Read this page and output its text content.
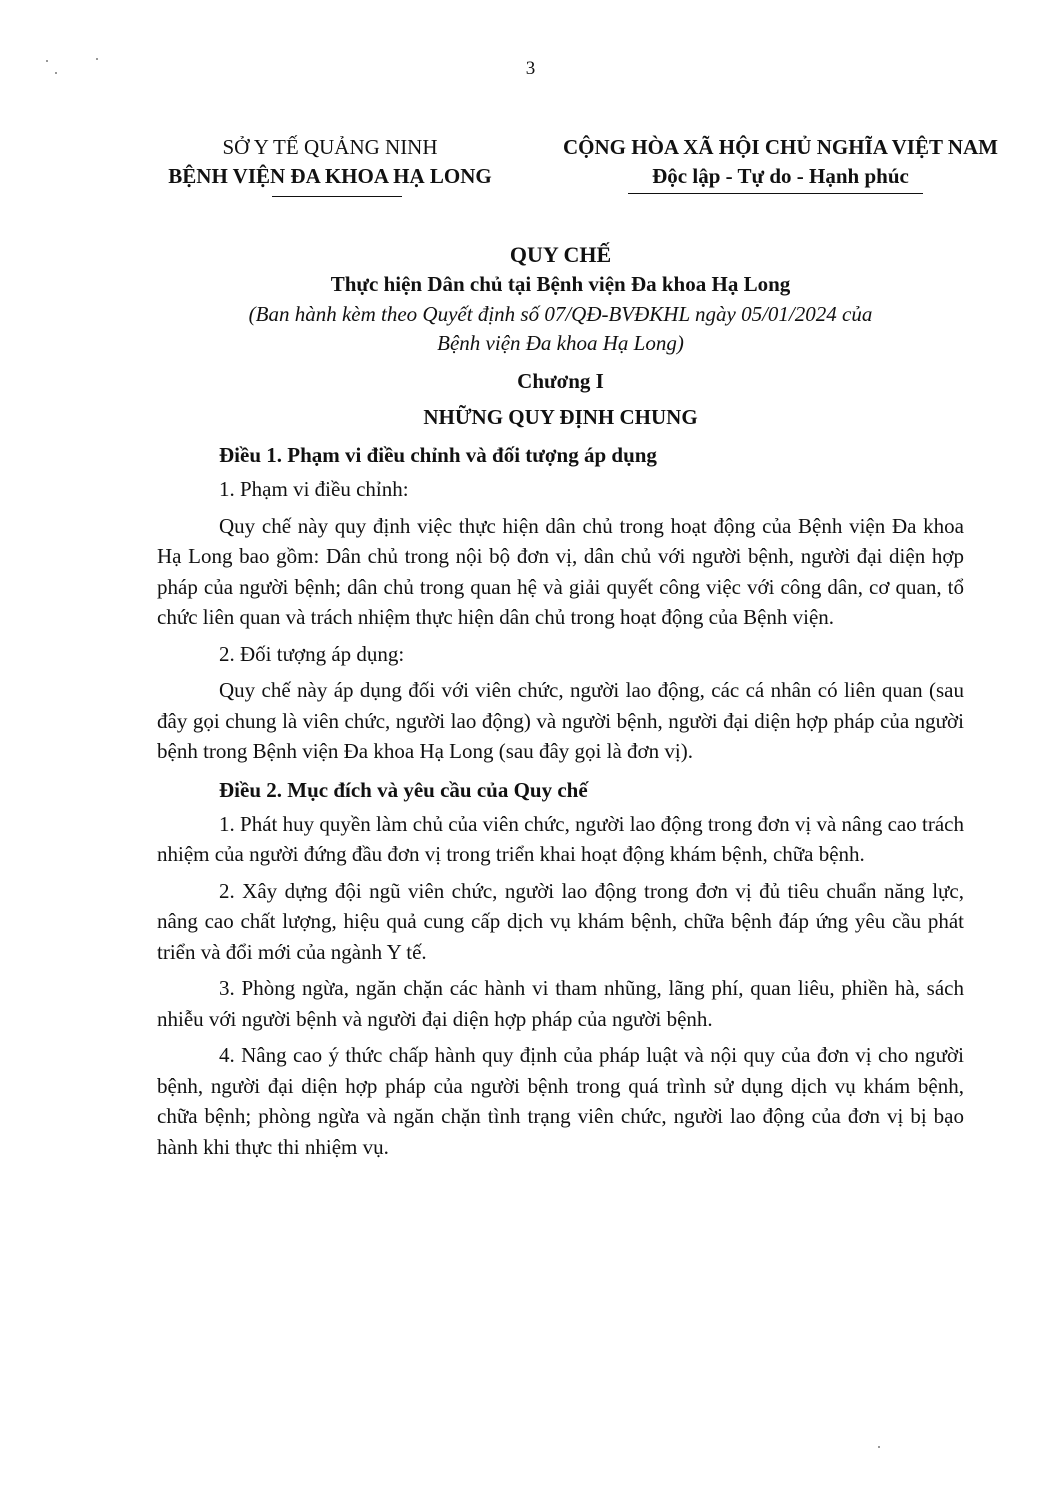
3
SỞ Y TẾ QUẢNG NINH
BỆNH VIỆN ĐA KHOA HẠ LONG
CỘNG HÒA XÃ HỘI CHỦ NGHĨA VIỆT NAM
Độc lập - Tự do - Hạnh phúc
QUY CHẾ
Thực hiện Dân chủ tại Bệnh viện Đa khoa Hạ Long
(Ban hành kèm theo Quyết định số 07/QĐ-BVĐKHL ngày 05/01/2024 của
Bệnh viện Đa khoa Hạ Long)
Chương I
NHỮNG QUY ĐỊNH CHUNG
Điều 1. Phạm vi điều chỉnh và đối tượng áp dụng

1. Phạm vi điều chỉnh:

Quy chế này quy định việc thực hiện dân chủ trong hoạt động của Bệnh viện Đa khoa Hạ Long bao gồm: Dân chủ trong nội bộ đơn vị, dân chủ với người bệnh, người đại diện hợp pháp của người bệnh; dân chủ trong quan hệ và giải quyết công việc với công dân, cơ quan, tổ chức liên quan và trách nhiệm thực hiện dân chủ trong hoạt động của Bệnh viện.

2. Đối tượng áp dụng:

Quy chế này áp dụng đối với viên chức, người lao động, các cá nhân có liên quan (sau đây gọi chung là viên chức, người lao động) và người bệnh, người đại diện hợp pháp của người bệnh trong Bệnh viện Đa khoa Hạ Long (sau đây gọi là đơn vị).

Điều 2. Mục đích và yêu cầu của Quy chế

1. Phát huy quyền làm chủ của viên chức, người lao động trong đơn vị và nâng cao trách nhiệm của người đứng đầu đơn vị trong triển khai hoạt động khám bệnh, chữa bệnh.

2. Xây dựng đội ngũ viên chức, người lao động trong đơn vị đủ tiêu chuẩn năng lực, nâng cao chất lượng, hiệu quả cung cấp dịch vụ khám bệnh, chữa bệnh đáp ứng yêu cầu phát triển và đổi mới của ngành Y tế.

3. Phòng ngừa, ngăn chặn các hành vi tham nhũng, lãng phí, quan liêu, phiền hà, sách nhiễu với người bệnh và người đại diện hợp pháp của người bệnh.

4. Nâng cao ý thức chấp hành quy định của pháp luật và nội quy của đơn vị cho người bệnh, người đại diện hợp pháp của người bệnh trong quá trình sử dụng dịch vụ khám bệnh, chữa bệnh; phòng ngừa và ngăn chặn tình trạng viên chức, người lao động của đơn vị bị bạo hành khi thực thi nhiệm vụ.
